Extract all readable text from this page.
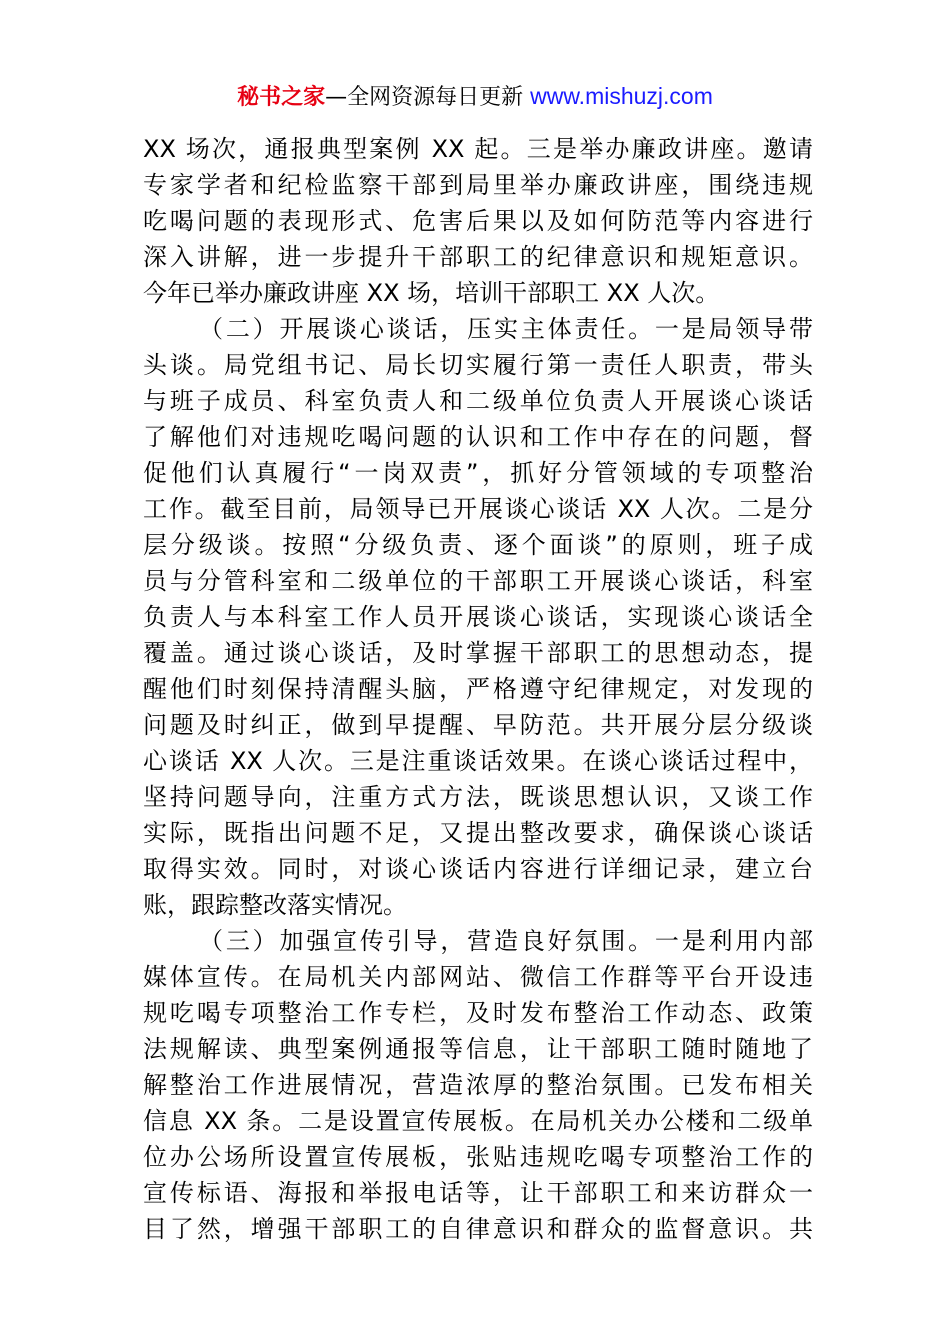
秘书之家—全网资源每日更新 www.mishuzj.com
XX 场次，通报典型案例 XX 起。三是举办廉政讲座。邀请
专家学者和纪检监察干部到局里举办廉政讲座，围绕违规
吃喝问题的表现形式、危害后果以及如何防范等内容进行
深入讲解，进一步提升干部职工的纪律意识和规矩意识。
今年已举办廉政讲座 XX 场，培训干部职工 XX 人次。
（二）开展谈心谈话，压实主体责任。一是局领导带
头谈。局党组书记、局长切实履行第一责任人职责，带头
与班子成员、科室负责人和二级单位负责人开展谈心谈话
了解他们对违规吃喝问题的认识和工作中存在的问题，督
促他们认真履行“一岗双责”，抓好分管领域的专项整治
工作。截至目前，局领导已开展谈心谈话 XX 人次。二是分
层分级谈。按照“分级负责、逐个面谈”的原则，班子成
员与分管科室和二级单位的干部职工开展谈心谈话，科室
负责人与本科室工作人员开展谈心谈话，实现谈心谈话全
覆盖。通过谈心谈话，及时掌握干部职工的思想动态，提
醒他们时刻保持清醒头脑，严格遵守纪律规定，对发现的
问题及时纠正，做到早提醒、早防范。共开展分层分级谈
心谈话 XX 人次。三是注重谈话效果。在谈心谈话过程中，
坚持问题导向，注重方式方法，既谈思想认识，又谈工作
实际，既指出问题不足，又提出整改要求，确保谈心谈话
取得实效。同时，对谈心谈话内容进行详细记录，建立台
账，跟踪整改落实情况。
（三）加强宣传引导，营造良好氛围。一是利用内部
媒体宣传。在局机关内部网站、微信工作群等平台开设违
规吃喝专项整治工作专栏，及时发布整治工作动态、政策
法规解读、典型案例通报等信息，让干部职工随时随地了
解整治工作进展情况，营造浓厚的整治氛围。已发布相关
信息 XX 条。二是设置宣传展板。在局机关办公楼和二级单
位办公场所设置宣传展板，张贴违规吃喝专项整治工作的
宣传标语、海报和举报电话等，让干部职工和来访群众一
目了然，增强干部职工的自律意识和群众的监督意识。共
